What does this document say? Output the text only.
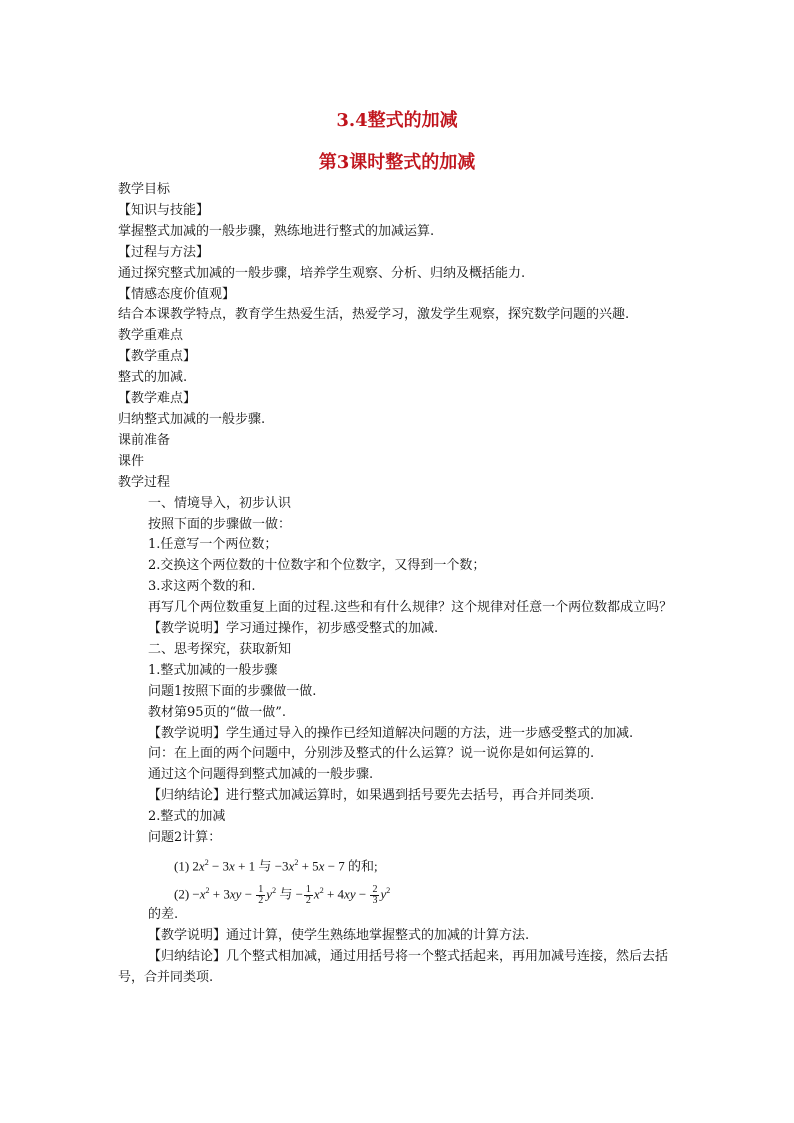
3.4整式的加减
第3课时整式的加减

教学目标

【知识与技能】

掌握整式加减的一般步骤，熟练地进行整式的加减运算.

【过程与方法】

通过探究整式加减的一般步骤，培养学生观察、分析、归纳及概括能力.

【情感态度价值观】

结合本课教学特点，教育学生热爱生活，热爱学习，激发学生观察，探究数学问题的兴趣.

教学重难点

【教学重点】

整式的加减.

【教学难点】

归纳整式加减的一般步骤.

课前准备

课件

教学过程

一、情境导入，初步认识

按照下面的步骤做一做：

1.任意写一个两位数；

2.交换这个两位数的十位数字和个位数字，又得到一个数；

3.求这两个数的和.

再写几个两位数重复上面的过程.这些和有什么规律？这个规律对任意一个两位数都成立吗？

【教学说明】学习通过操作，初步感受整式的加减.

二、思考探究，获取新知

1.整式加减的一般步骤

问题1按照下面的步骤做一做.

教材第95页的“做一做”.

【教学说明】学生通过导入的操作已经知道解决问题的方法，进一步感受整式的加减.

问：在上面的两个问题中，分别涉及整式的什么运算？说一说你是如何运算的.

通过这个问题得到整式加减的一般步骤.

【归纳结论】进行整式加减运算时，如果遇到括号要先去括号，再合并同类项.

2.整式的加减

问题2计算：

(1) $2x^2 - 3x + 1$ 与 $-3x^2 + 5x - 7$ 的和;
$(2) -x^2 + 3xy - \frac{1}{2} y^2$ 与 − $\frac{1}{2} x^2 + 4xy - \frac{2}{3} y^2$

的差.

【教学说明】通过计算，使学生熟练地掌握整式的加减的计算方法.

【归纳结论】几个整式相加减，通过用括号将一个整式括起来，再用加减号连接，然后去括号，合并同类项.
